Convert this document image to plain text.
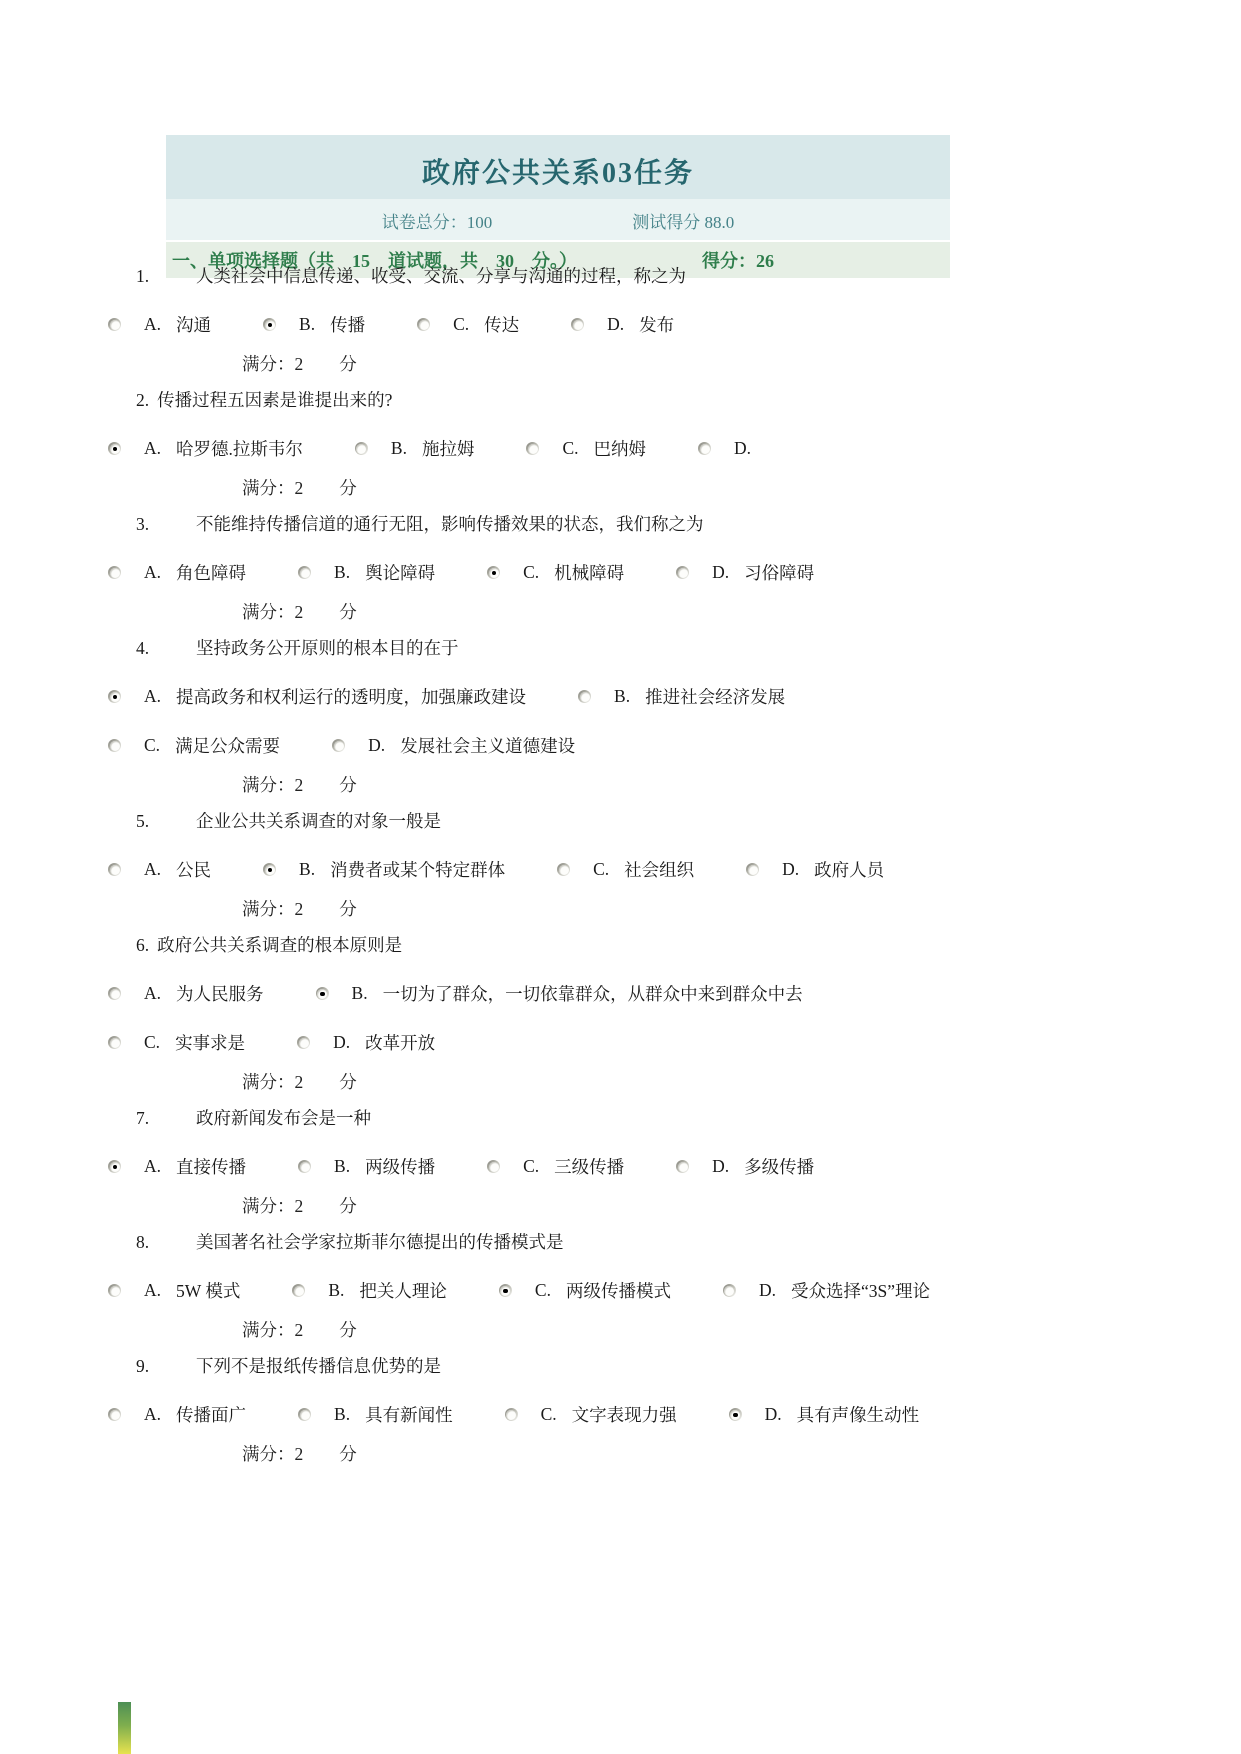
政府公共关系03任务
试卷总分：100	测试得分 88.0
一、单项选择题（共　15　道试题，共　30　分。）	得分：26
1.	人类社会中信息传递、收受、交流、分享与沟通的过程，称之为
A. 沟通	B. 传播	C. 传达	D. 发布
满分：2 分
2. 传播过程五因素是谁提出来的?
A. 哈罗德.拉斯韦尔	B. 施拉姆	C. 巴纳姆	D.
满分：2 分
3.	不能维持传播信道的通行无阻，影响传播效果的状态，我们称之为
A. 角色障碍	B. 舆论障碍	C. 机械障碍	D. 习俗障碍
满分：2 分
4.	坚持政务公开原则的根本目的在于
A. 提高政务和权利运行的透明度，加强廉政建设	B. 推进社会经济发展
C. 满足公众需要	D. 发展社会主义道德建设
满分：2 分
5.	企业公共关系调查的对象一般是
A. 公民	B. 消费者或某个特定群体	C. 社会组织	D. 政府人员
满分：2 分
6. 政府公共关系调查的根本原则是
A. 为人民服务	B. 一切为了群众，一切依靠群众，从群众中来到群众中去
C. 实事求是	D. 改革开放
满分：2 分
7.	政府新闻发布会是一种
A. 直接传播	B. 两级传播	C. 三级传播	D. 多级传播
满分：2 分
8.	美国著名社会学家拉斯菲尔德提出的传播模式是
A. 5W 模式	B. 把关人理论	C. 两级传播模式	D. 受众选择“3S”理论
满分：2 分
9.	下列不是报纸传播信息优势的是
A. 传播面广	B. 具有新闻性	C. 文字表现力强	D. 具有声像生动性
满分：2 分
